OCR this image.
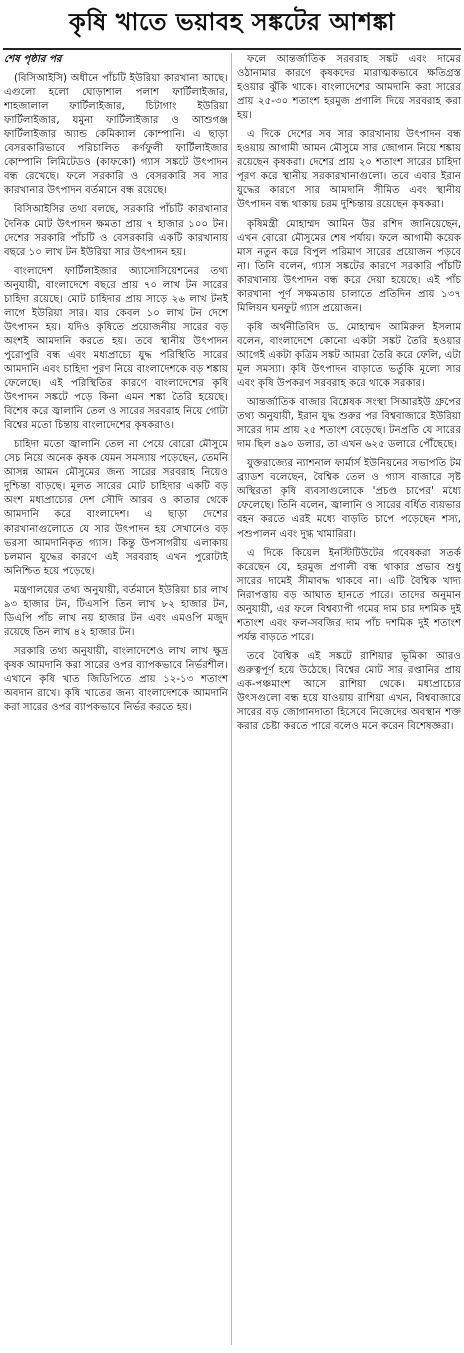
কৃষি খাতে ভয়াবহ সঙ্কটের আশঙ্কা

শেষ পৃষ্ঠার পর

(বিসিআইসি) অধীনে পাঁচটি ইউরিয়া কারখানা আছে। এগুলো হলো ঘোড়াশাল পলাশ ফার্টিলাইজার, শাহজালাল ফার্টিলাইজার, চিটাগাং ইউরিয়া ফার্টিলাইজার, যমুনা ফার্টিলাইজার ও আশুগঞ্জ ফার্টিলাইজার অ্যান্ড কেমিক্যাল কোম্পানি। এ ছাড়া বেসরকারিভাবে পরিচালিত কর্ণফুলী ফার্টিলাইজার কোম্পানি লিমিটেডও (কাফকো) গ্যাস সঙ্কটে উৎপাদন বন্ধ রেখেছে। ফলে সরকারি ও বেসরকারি সব সার কারখানার উৎপাদন বর্তমানে বন্ধ রয়েছে।

বিসিআইসির তথ্য বলছে, সরকারি পাঁচটি কারখানার দৈনিক মোট উৎপাদন ক্ষমতা প্রায় ৭ হাজার ১০০ টন। দেশের সরকারি পাঁচটি ও বেসরকারি একটি কারখানায় বছরে ১০ লাখ টন ইউরিয়া সার উৎপাদন হয়।

বাংলাদেশ ফার্টিলাইজার অ্যাসোসিয়েশনের তথ্য অনুযায়ী, বাংলাদেশে বছরে প্রায় ৭০ লাখ টন সারের চাহিদা রয়েছে। মোট চাহিদার প্রায় সাড়ে ২৬ লাখ টনই লাগে ইউরিয়া সার। যার কেবল ১০ লাখ টন দেশে উৎপাদন হয়। যদিও কৃষিতে প্রয়োজনীয় সারের বড় অংশই আমদানি করতে হয়। তবে স্থানীয় উৎপাদন পুরোপুরি বন্ধ এবং মধ্যপ্রাচ্যে যুদ্ধ পরিস্থিতি সারের আমদানি এবং চাহিদা পূরণ নিয়ে বাংলাদেশকে বড় শঙ্কায় ফেলেছে। এই পরিস্থিতির কারণে বাংলাদেশের কৃষি উৎপাদন সঙ্কটে পড়ে কিনা এমন শঙ্কা তৈরি হয়েছে। বিশেষ করে জ্বালানি তেল ও সারের সরবরাহ নিয়ে গোটা বিশ্বের মতো চিন্তায় বাংলাদেশের কৃষকরাও।

চাহিদা মতো জ্বালানি তেল না পেয়ে বোরো মৌসুমে সেচ নিয়ে অনেক কৃষক যেমন সমস্যায় পড়েছেন, তেমনি আসন্ন আমন মৌসুমের জন্য সারের সরবরাহ নিয়েও দুশ্চিন্তা বাড়ছে। মূলত সারের মোট চাহিদার একটি বড় অংশ মধ্যপ্রাচ্যের দেশ সৌদি আরব ও কাতার থেকে আমদানি করে বাংলাদেশ। এ ছাড়া দেশের কারখানাগুলোতে যে সার উৎপাদন হয় সেখানেও বড় ভরসা আমদানিকৃত গ্যাস। কিন্তু উপসাগরীয় এলাকায় চলমান যুদ্ধের কারণে এই সরবরাহ এখন পুরোটাই অনিশ্চিত হয়ে পড়েছে।

মন্ত্রণালয়ের তথ্য অনুযায়ী, বর্তমানে ইউরিয়া চার লাখ ৯৩ হাজার টন, টিএসপি তিন লাখ ৮২ হাজার টন, ডিএপি পাঁচ লাখ নয় হাজার টন এবং এমওপি মজুদ রয়েছে তিন লাখ ৪২ হাজার টন।

সরকারি তথ্য অনুযায়ী, বাংলাদেশেও লাখ লাখ ক্ষুদ্র কৃষক আমদানি করা সারের ওপর ব্যাপকভাবে নির্ভরশীল। এখানে কৃষি খাত জিডিপিতে প্রায় ১২-১৩ শতাংশ অবদান রাখে। কৃষি খাতের জন্য বাংলাদেশকে আমদানি করা সারের ওপর ব্যাপকভাবে নির্ভর করতে হয়।

ফলে আন্তর্জাতিক সরবরাহ সঙ্কট এবং দামের ওঠানামার কারণে কৃষকদের মারাত্মকভাবে ক্ষতিগ্রস্ত হওয়ার ঝুঁকি থাকে। বাংলাদেশের আমদানি করা সারের প্রায় ২৫-৩০ শতাংশ হরমুজ প্রণালি দিয়ে সরবরাহ করা হয়।

এ দিকে দেশের সব সার কারখানায় উৎপাদন বন্ধ হওয়ায় আগামী আমন মৌসুমে সার জোগান নিয়ে শঙ্কায় রয়েছেন কৃষকরা। দেশের প্রায় ২০ শতাংশ সারের চাহিদা পূরণ করে স্থানীয় সরকারখানাগুলো। তবে এবার ইরান যুদ্ধের কারণে সার আমদানি সীমিত এবং স্থানীয় উৎপাদন বন্ধ থাকায় চরম দুশ্চিন্তায় রয়েছেন কৃষকরা।

কৃষিমন্ত্রী মোহাম্মদ আমিন উর রশিদ জানিয়েছেন, এখন বোরো মৌসুমের শেষ পর্যায়। ফলে আগামী কয়েক মাস নতুন করে বিপুল পরিমাণ সারের প্রয়োজন পড়বে না। তিনি বলেন, গ্যাস সঙ্কটের কারণে সরকারি পাঁচটি কারখানায় উৎপাদন বন্ধ করে দেয়া হয়েছে। এই পাঁচ কারখানা পূর্ণ সক্ষমতায় চালাতে প্রতিদিন প্রায় ১৩৭ মিলিয়ন ঘনফুট গ্যাস প্রয়োজন।

কৃষি অর্থনীতিবিদ ড. মোহাম্মদ আমিরুল ইসলাম বলেন, বাংলাদেশে কোনো একটা সঙ্কট তৈরি হওয়ার আগেই একটা কৃত্রিম সঙ্কট আমরা তৈরি করে ফেলি, এটা মূল সমস্যা। কৃষি উৎপাদন বাড়াতে ভর্তুকি মূল্যে সার এবং কৃষি উপকরণ সরবরাহ করে থাকে সরকার।

আন্তর্জাতিক বাজার বিশ্লেষক সংস্থা সিআরইউ গ্রুপের তথ্য অনুযায়ী, ইরান যুদ্ধ শুরুর পর বিশ্ববাজারে ইউরিয়া সারের দাম প্রায় ২৫ শতাংশ বেড়েছে। টনপ্রতি যে সারের দাম ছিল ৪৯০ ডলার, তা এখন ৬২৫ ডলারে পৌঁছেছে।

যুক্তরাজ্যের ন্যাশনাল ফার্মার্স ইউনিয়নের সভাপতি টম ব্র্যাডশ বলেছেন, বৈশ্বিক তেল ও গ্যাস বাজারে সৃষ্ট অস্থিরতা কৃষি ব্যবসাগুলোকে 'প্রচণ্ড চাপের' মধ্যে ফেলেছে। তিনি বলেন, জ্বালানি ও সারের বর্ধিত ব্যয়ভার বহন করতে এরই মধ্যে বাড়তি চাপে পড়েছেন শস্য, পশুপালন এবং দুগ্ধ খামারিরা।

এ দিকে কিয়েল ইনস্টিটিউটের গবেষকরা সতর্ক করেছেন যে, হরমুজ প্রণালী বন্ধ থাকার প্রভাব শুধু সারের দামেই সীমাবদ্ধ থাকবে না। এটি বৈশ্বিক খাদ্য নিরাপত্তায় বড় আঘাত হানতে পারে। তাদের অনুমান অনুযায়ী, এর ফলে বিশ্বব্যাপী গমের দাম চার দশমিক দুই শতাংশ এবং ফল-সবজির দাম পাঁচ দশমিক দুই শতাংশ পর্যন্ত বাড়তে পারে।

তবে বৈশ্বিক এই সঙ্কটে রাশিয়ার ভূমিকা আরও গুরুত্বপূর্ণ হয়ে উঠেছে। বিশ্বের মোট সার রপ্তানির প্রায় এক-পঞ্চমাংশ আসে রাশিয়া থেকে। মধ্যপ্রাচ্যের উৎসগুলো বন্ধ হয়ে যাওয়ায় রাশিয়া এখন, বিশ্ববাজারে সারের বড় জোগানদাতা হিসেবে নিজেদের অবস্থান শক্ত করার চেষ্টা করতে পারে বলেও মনে করেন বিশেষজ্ঞরা।
